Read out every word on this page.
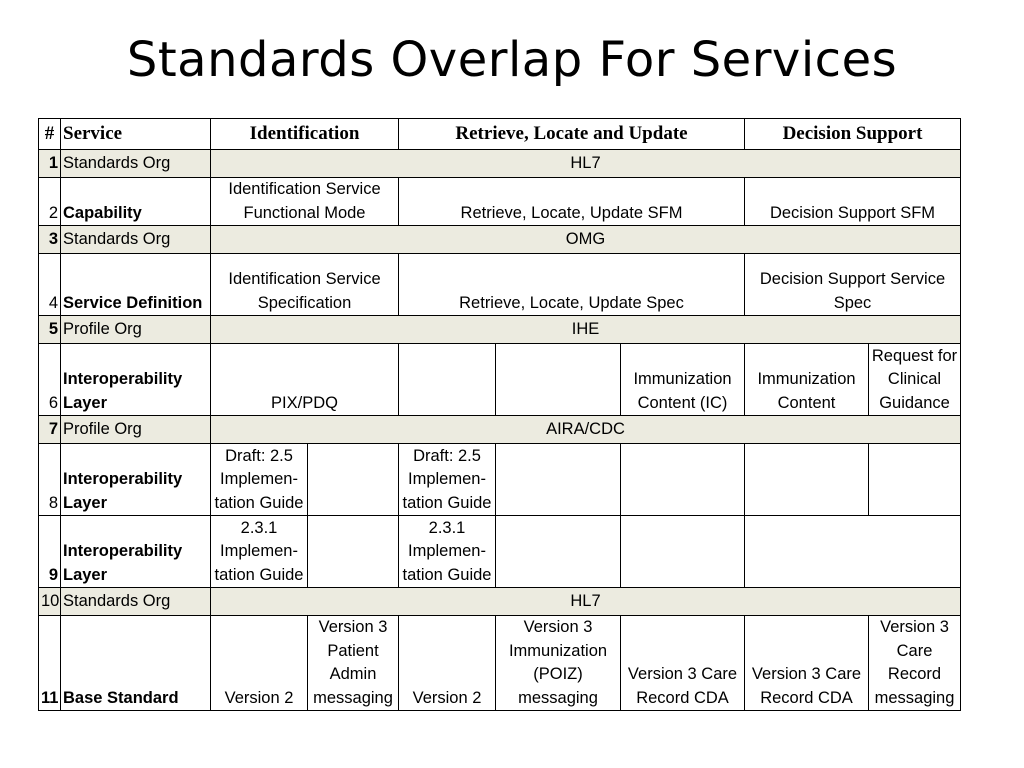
Standards Overlap For Services
#	Service	Identification		Retrieve, Locate and Update			Decision Support	
1	Standards Org	HL7						
2	Capability	Identification Service Functional Mode		Retrieve, Locate, Update SFM			Decision Support SFM	
3	Standards Org	OMG						
4	Service Definition	Identification Service Specification		Retrieve, Locate, Update Spec			Decision Support Service Spec	
5	Profile Org	IHE						
6	Interoperability Layer	PIX/PDQ				Immunization Content (IC)	Immunization Content	Request for Clinical Guidance
7	Profile Org	AIRA/CDC						
8	Interoperability Layer	Draft: 2.5 Implemen-tation Guide		Draft: 2.5 Implemen-tation Guide				
9	Interoperability Layer	2.3.1 Implemen-tation Guide		2.3.1 Implemen-tation Guide				
10	Standards Org	HL7						
11	Base Standard	Version 2	Version 3 Patient Admin messaging	Version 2	Version 3 Immunization (POIZ) messaging	Version 3 Care Record CDA	Version 3 Care Record CDA	Version 3 Care Record messaging
